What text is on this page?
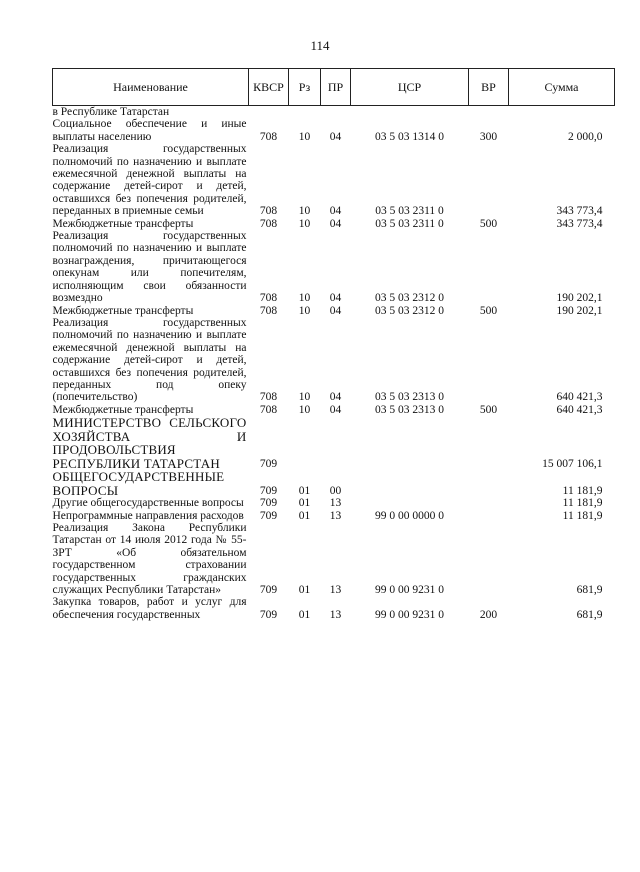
114
Наименование	КВСР	Рз	ПР	ЦСР	ВР	Сумма
в Республике Татарстан						
Социальное обеспечение и иные выплаты населению	708	10	04	03 5 03 1314 0	300	2 000,0
Реализация государственных полномочий по назначению и выплате ежемесячной денежной выплаты на содержание детей-сирот и детей, оставшихся без попечения родителей, переданных в приемные семьи	708	10	04	03 5 03 2311 0		343 773,4
Межбюджетные трансферты	708	10	04	03 5 03 2311 0	500	343 773,4
Реализация государственных полномочий по назначению и выплате вознаграждения, причитающегося опекунам или попечителям, исполняющим свои обязанности возмездно	708	10	04	03 5 03 2312 0		190 202,1
Межбюджетные трансферты	708	10	04	03 5 03 2312 0	500	190 202,1
Реализация государственных полномочий по назначению и выплате ежемесячной денежной выплаты на содержание детей-сирот и детей, оставшихся без попечения родителей, переданных под опеку (попечительство)	708	10	04	03 5 03 2313 0		640 421,3
Межбюджетные трансферты	708	10	04	03 5 03 2313 0	500	640 421,3
МИНИСТЕРСТВО СЕЛЬСКОГО ХОЗЯЙСТВА И ПРОДОВОЛЬСТВИЯ РЕСПУБЛИКИ ТАТАРСТАН	709					15 007 106,1
ОБЩЕГОСУДАРСТВЕННЫЕ ВОПРОСЫ	709	01	00			11 181,9
Другие общегосударственные вопросы	709	01	13			11 181,9
Непрограммные направления расходов	709	01	13	99 0 00 0000 0		11 181,9
Реализация Закона Республики Татарстан от 14 июля 2012 года № 55-ЗРТ «Об обязательном государственном страховании государственных гражданских служащих Республики Татарстан»	709	01	13	99 0 00 9231 0		681,9
Закупка товаров, работ и услуг для обеспечения государственных	709	01	13	99 0 00 9231 0	200	681,9
